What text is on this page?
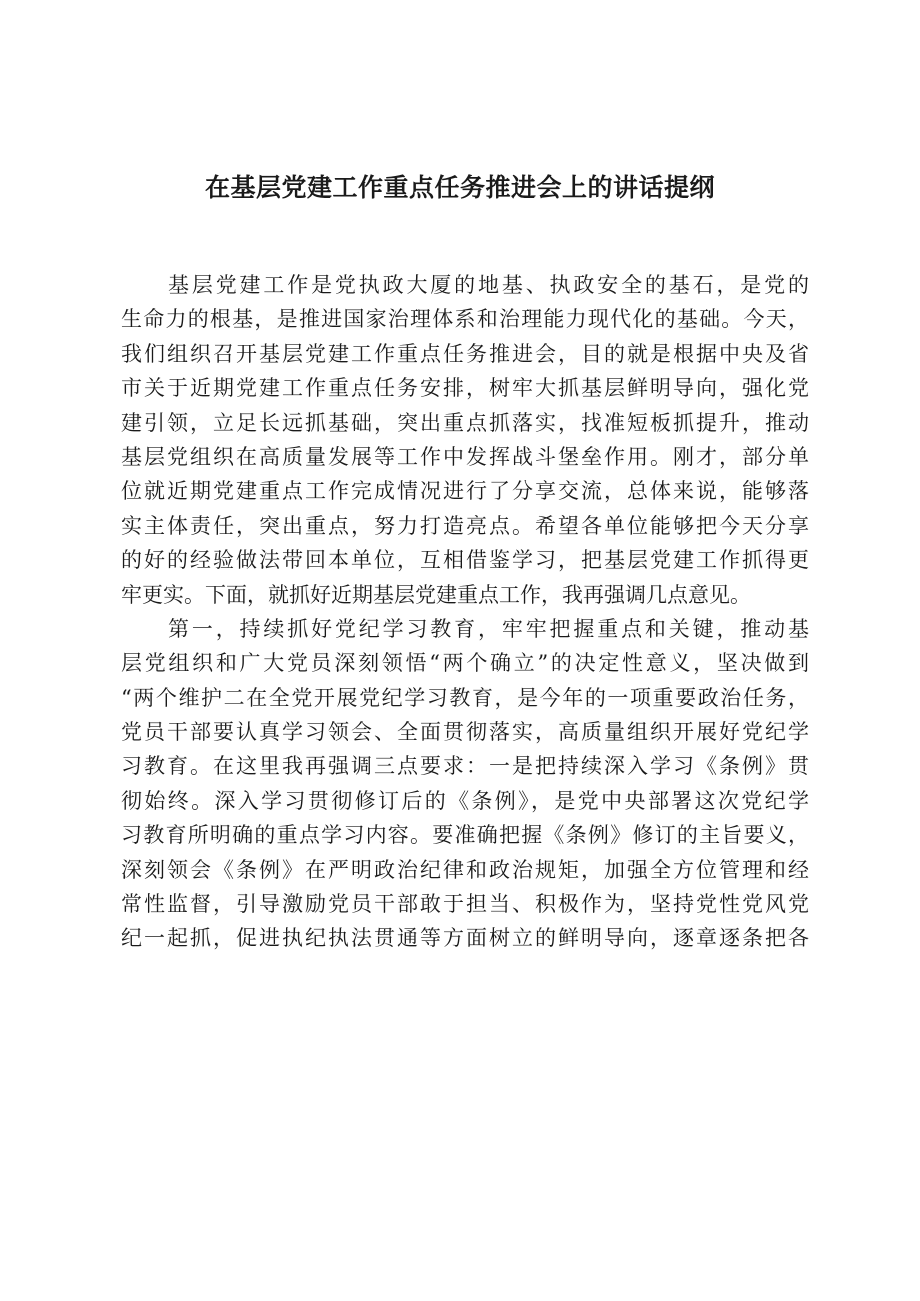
在基层党建工作重点任务推进会上的讲话提纲
基层党建工作是党执政大厦的地基、执政安全的基石，是党的
生命力的根基，是推进国家治理体系和治理能力现代化的基础。今天，
我们组织召开基层党建工作重点任务推进会，目的就是根据中央及省
市关于近期党建工作重点任务安排，树牢大抓基层鲜明导向，强化党
建引领，立足长远抓基础，突出重点抓落实，找准短板抓提升，推动
基层党组织在高质量发展等工作中发挥战斗堡垒作用。刚才，部分单
位就近期党建重点工作完成情况进行了分享交流，总体来说，能够落
实主体责任，突出重点，努力打造亮点。希望各单位能够把今天分享
的好的经验做法带回本单位，互相借鉴学习，把基层党建工作抓得更
牢更实。下面，就抓好近期基层党建重点工作，我再强调几点意见。
第一，持续抓好党纪学习教育，牢牢把握重点和关键，推动基
层党组织和广大党员深刻领悟“两个确立”的决定性意义，坚决做到
“两个维护二在全党开展党纪学习教育，是今年的一项重要政治任务，
党员干部要认真学习领会、全面贯彻落实，高质量组织开展好党纪学
习教育。在这里我再强调三点要求：一是把持续深入学习《条例》贯
彻始终。深入学习贯彻修订后的《条例》，是党中央部署这次党纪学
习教育所明确的重点学习内容。要准确把握《条例》修订的主旨要义，
深刻领会《条例》在严明政治纪律和政治规矩，加强全方位管理和经
常性监督，引导激励党员干部敢于担当、积极作为，坚持党性党风党
纪一起抓，促进执纪执法贯通等方面树立的鲜明导向，逐章逐条把各
